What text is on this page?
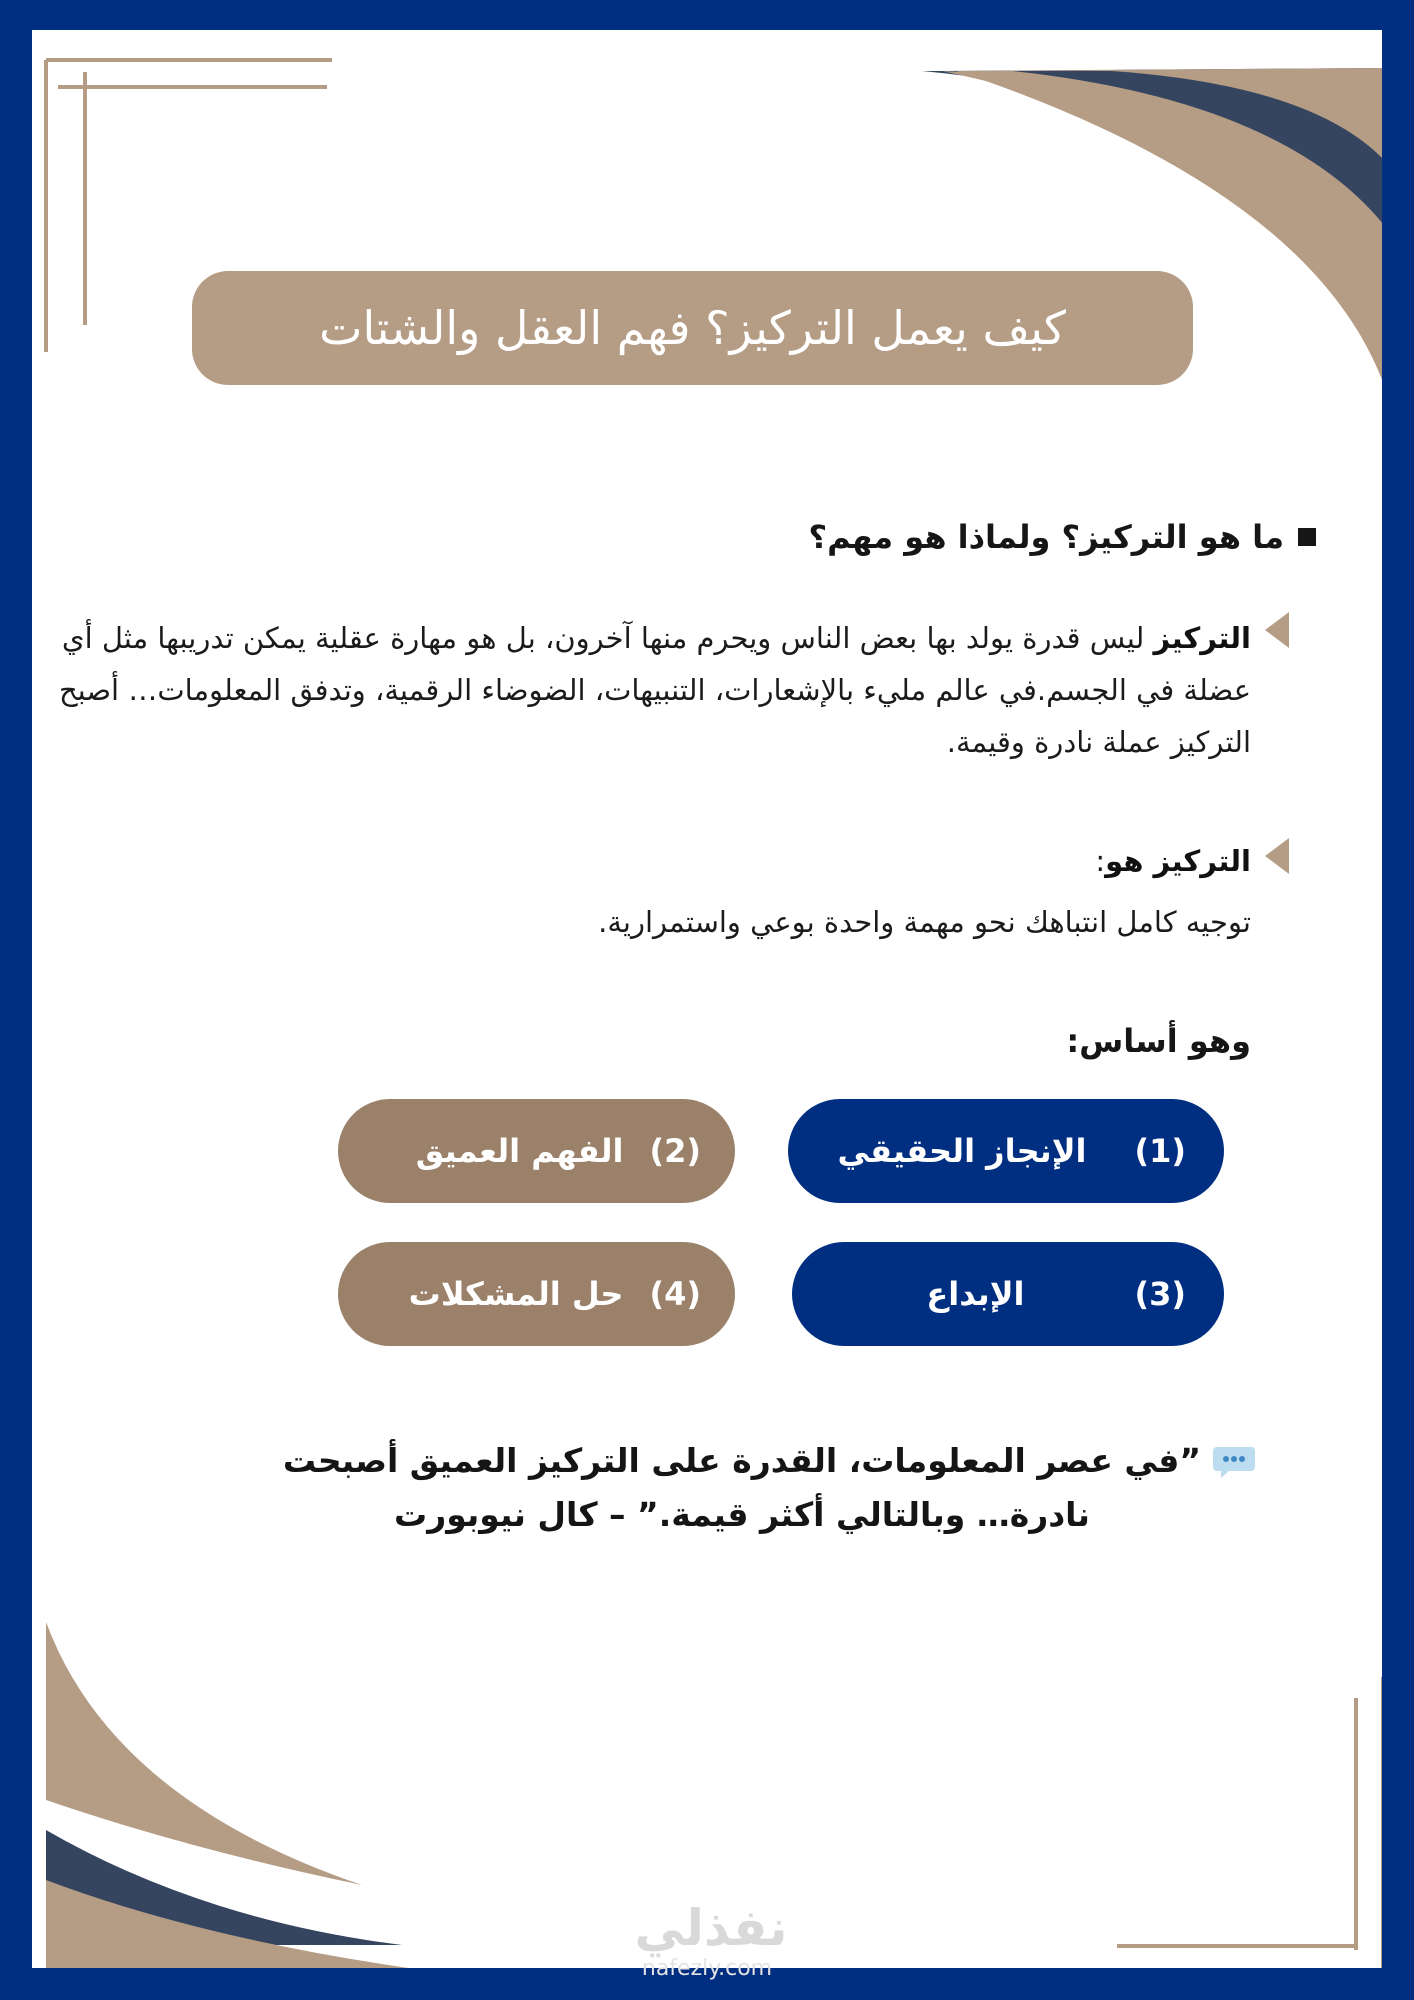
كيف يعمل التركيز؟ فهم العقل والشتات
ما هو التركيز؟ ولماذا هو مهم؟
التركيز ليس قدرة يولد بها بعض الناس ويحرم منها آخرون، بل هو مهارة عقلية يمكن تدريبها مثل أي عضلة في الجسم.في عالم مليء بالإشعارات، التنبيهات، الضوضاء الرقمية، وتدفق المعلومات… أصبح التركيز عملة نادرة وقيمة.
التركيز هو:
توجيه كامل انتباهك نحو مهمة واحدة بوعي واستمرارية.
وهو أساس:
(1)
الإنجاز الحقيقي
(2)
الفهم العميق
(3)
الإبداع
(4)
حل المشكلات
”في عصر المعلومات، القدرة على التركيز العميق أصبحت
نادرة… وبالتالي أكثر قيمة.” – كال نيوبورت
نفذلي
nafezly.com
